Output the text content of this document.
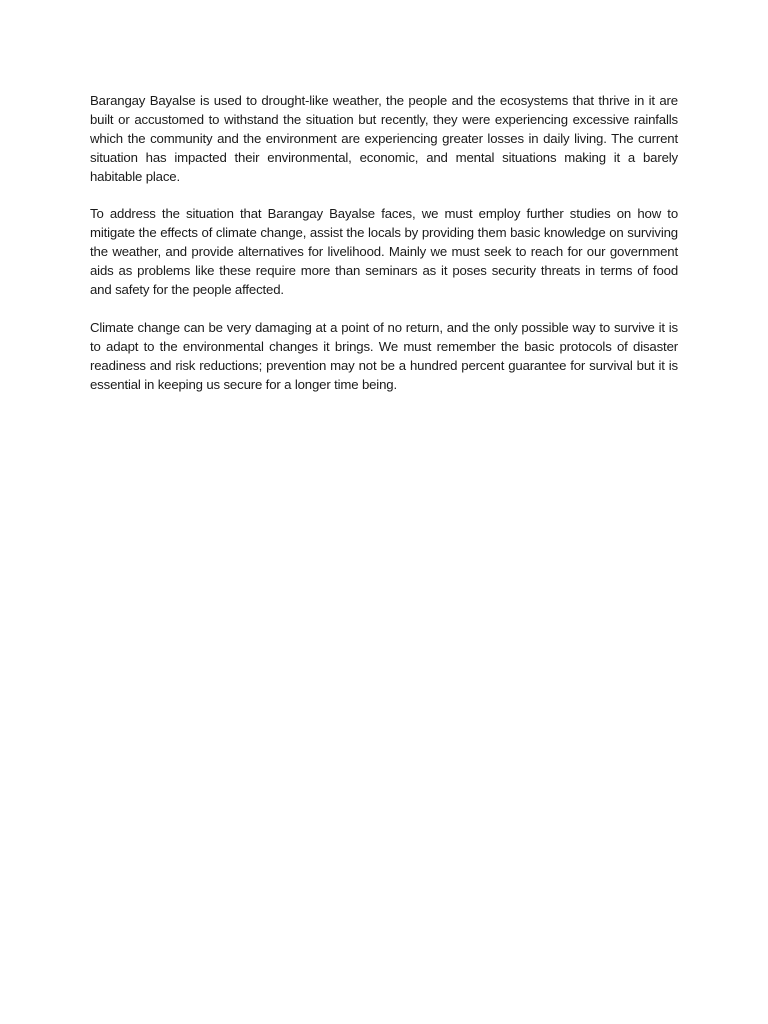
Barangay Bayalse is used to drought-like weather, the people and the ecosystems that thrive in it are built or accustomed to withstand the situation but recently, they were experiencing excessive rainfalls which the community and the environment are experiencing greater losses in daily living. The current situation has impacted their environmental, economic, and mental situations making it a barely habitable place.

To address the situation that Barangay Bayalse faces, we must employ further studies on how to mitigate the effects of climate change, assist the locals by providing them basic knowledge on surviving the weather, and provide alternatives for livelihood. Mainly we must seek to reach for our government aids as problems like these require more than seminars as it poses security threats in terms of food and safety for the people affected.

Climate change can be very damaging at a point of no return, and the only possible way to survive it is to adapt to the environmental changes it brings. We must remember the basic protocols of disaster readiness and risk reductions; prevention may not be a hundred percent guarantee for survival but it is essential in keeping us secure for a longer time being.
